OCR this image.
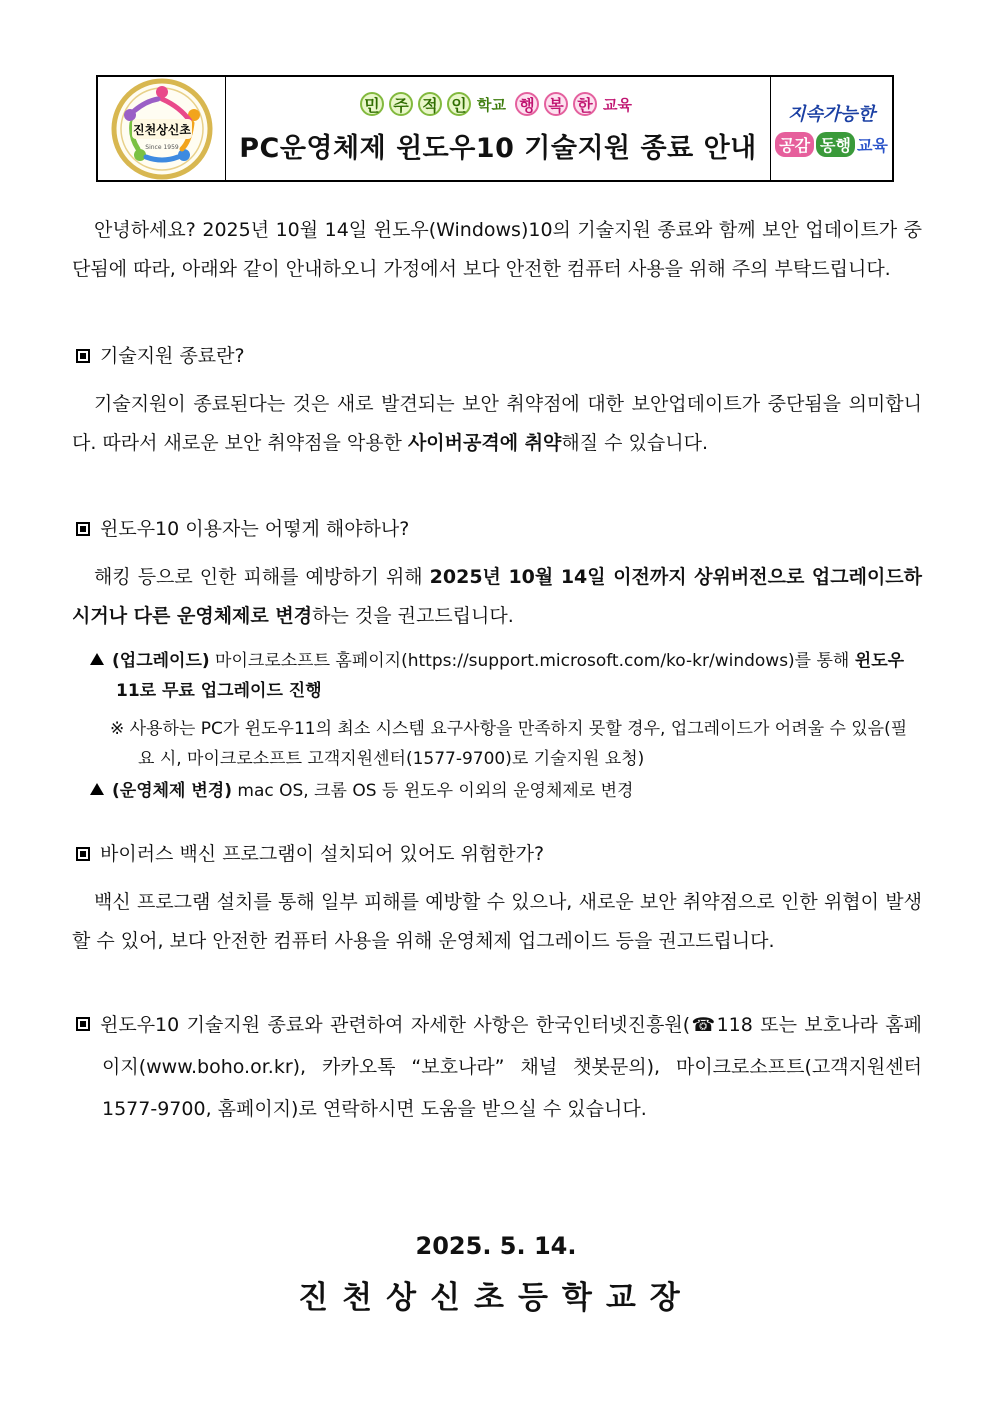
진천상신초
Since 1959
민 주 적 인 학교 행 복 한 교육
PC운영체제 윈도우10 기술지원 종료 안내
지속가능한
공감 동행 교육
안녕하세요? 2025년 10월 14일 윈도우(Windows)10의 기술지원 종료와 함께 보안 업데이트가 중단됨에 따라, 아래와 같이 안내하오니 가정에서 보다 안전한 컴퓨터 사용을 위해 주의 부탁드립니다.
기술지원 종료란?
기술지원이 종료된다는 것은 새로 발견되는 보안 취약점에 대한 보안업데이트가 중단됨을 의미합니다. 따라서 새로운 보안 취약점을 악용한 사이버공격에 취약해질 수 있습니다.
윈도우10 이용자는 어떻게 해야하나?
해킹 등으로 인한 피해를 예방하기 위해 2025년 10월 14일 이전까지 상위버전으로 업그레이드하시거나 다른 운영체제로 변경하는 것을 권고드립니다.
(업그레이드) 마이크로소프트 홈페이지(https://support.microsoft.com/ko-kr/windows)를 통해 윈도우11로 무료 업그레이드 진행
※ 사용하는 PC가 윈도우11의 최소 시스템 요구사항을 만족하지 못할 경우, 업그레이드가 어려울 수 있음(필요 시, 마이크로소프트 고객지원센터(1577-9700)로 기술지원 요청)
(운영체제 변경) mac OS, 크롬 OS 등 윈도우 이외의 운영체제로 변경
바이러스 백신 프로그램이 설치되어 있어도 위험한가?
백신 프로그램 설치를 통해 일부 피해를 예방할 수 있으나, 새로운 보안 취약점으로 인한 위협이 발생할 수 있어, 보다 안전한 컴퓨터 사용을 위해 운영체제 업그레이드 등을 권고드립니다.
윈도우10 기술지원 종료와 관련하여 자세한 사항은 한국인터넷진흥원(☎118 또는 보호나라 홈페이지(www.boho.or.kr), 카카오톡 “보호나라” 채널 챗봇문의), 마이크로소프트(고객지원센터 1577-9700, 홈페이지)로 연락하시면 도움을 받으실 수 있습니다.
2025. 5. 14.
진천상신초등학교장
